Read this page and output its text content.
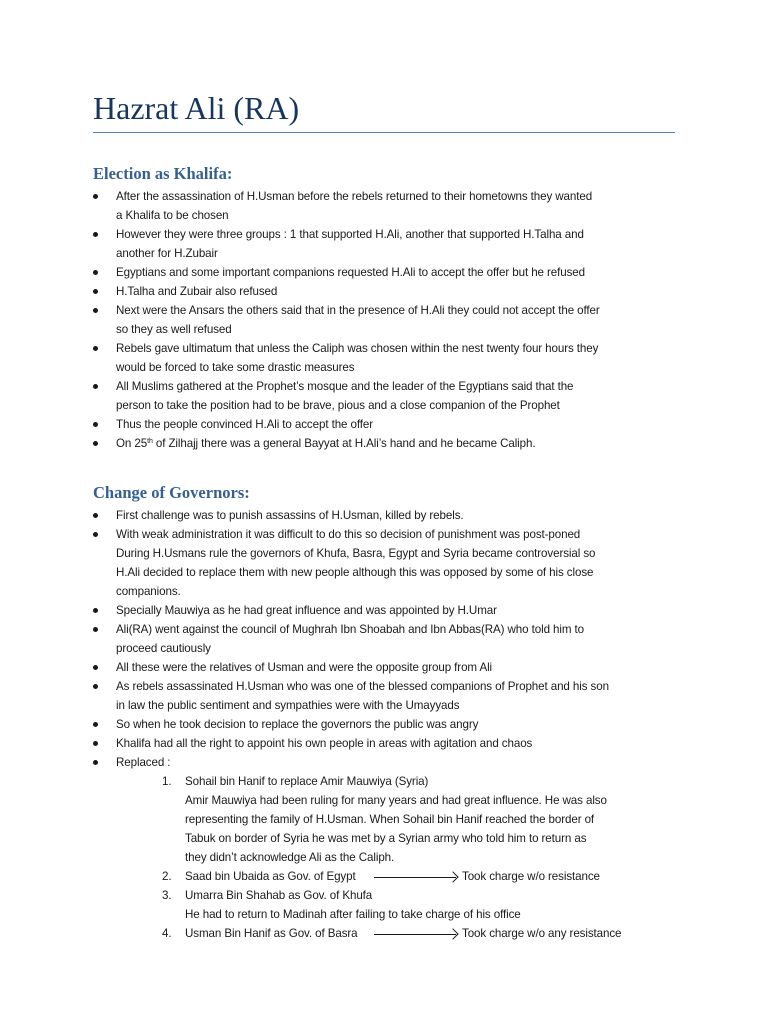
Hazrat Ali (RA)
Election as Khalifa:
After the assassination of H.Usman before the rebels returned to their hometowns they wanted
a Khalifa to be chosen
However they were three groups : 1 that supported H.Ali, another that supported H.Talha and
another for H.Zubair
Egyptians and some important companions requested H.Ali to accept the offer but he refused
H.Talha and Zubair also refused
Next were the Ansars the others said that in the presence of H.Ali they could not accept the offer
so they as well refused
Rebels gave ultimatum that unless the Caliph was chosen within the nest twenty four hours they
would be forced to take some drastic measures
All Muslims gathered at the Prophet’s mosque and the leader of the Egyptians said that the
person to take the position had to be brave, pious and a close companion of the Prophet
Thus the people convinced H.Ali to accept the offer
On 25th of Zilhajj there was a general Bayyat at H.Ali’s hand and he became Caliph.
Change of Governors:
First challenge was to punish assassins of H.Usman, killed by rebels.
With weak administration it was difficult to do this so decision of punishment was post-poned
During H.Usmans rule the governors of Khufa, Basra, Egypt and Syria became controversial so
H.Ali decided to replace them with new people although this was opposed by some of his close
companions.
Specially Mauwiya as he had great influence and was appointed by H.Umar
Ali(RA) went against the council of Mughrah Ibn Shoabah and Ibn Abbas(RA) who told him to
proceed cautiously
All these were the relatives of Usman and were the opposite group from Ali
As rebels assassinated H.Usman who was one of the blessed companions of Prophet and his son
in law the public sentiment and sympathies were with the Umayyads
So when he took decision to replace the governors the public was angry
Khalifa had all the right to appoint his own people in areas with agitation and chaos
Replaced :
1. Sohail bin Hanif to replace Amir Mauwiya (Syria)
Amir Mauwiya had been ruling for many years and had great influence. He was also
representing the family of H.Usman. When Sohail bin Hanif reached the border of
Tabuk on border of Syria he was met by a Syrian army who told him to return as
they didn’t acknowledge Ali as the Caliph.
2. Saad bin Ubaida as Gov. of Egypt	Took charge w/o resistance
3. Umarra Bin Shahab as Gov. of Khufa
He had to return to Madinah after failing to take charge of his office
4. Usman Bin Hanif as Gov. of Basra	Took charge w/o any resistance
